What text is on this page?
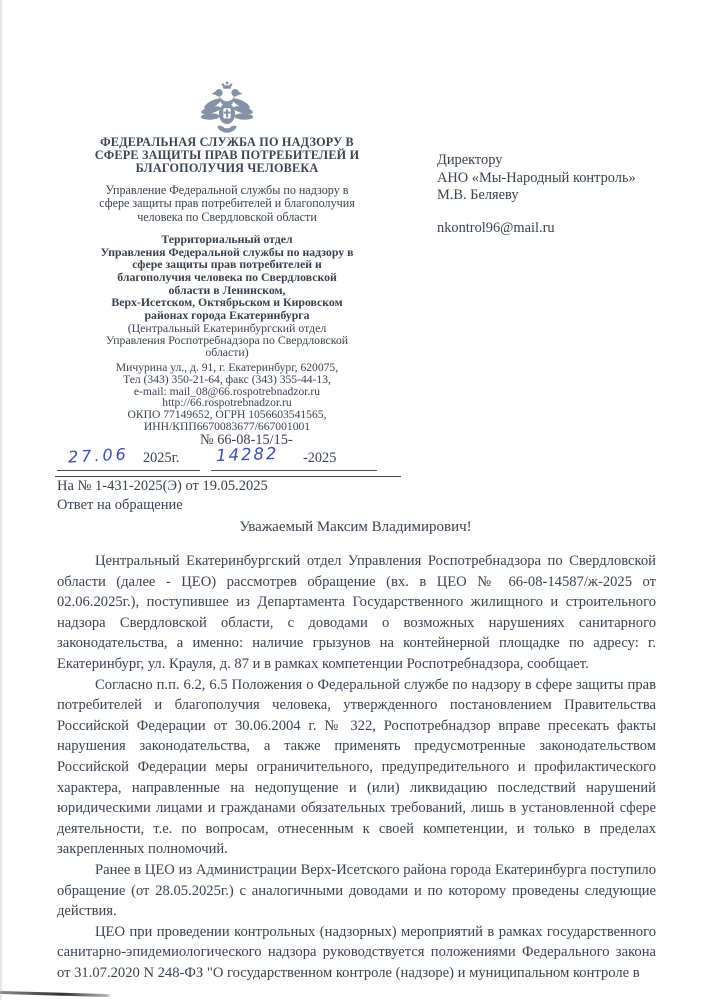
ФЕДЕРАЛЬНАЯ СЛУЖБА ПО НАДЗОРУ В
СФЕРЕ ЗАЩИТЫ ПРАВ ПОТРЕБИТЕЛЕЙ И
БЛАГОПОЛУЧИЯ ЧЕЛОВЕКА
Управление Федеральной службы по надзору в
сфере защиты прав потребителей и благополучия
человека по Свердловской области
Территориальный отдел
Управления Федеральной службы по надзору в
сфере защиты прав потребителей и
благополучия человека по Свердловской
области в Ленинском,
Верх-Исетском, Октябрьском и Кировском
районах города Екатеринбурга
(Центральный Екатеринбургский отдел
Управления Роспотребнадзора по Свердловской
области)
Мичурина ул., д. 91, г. Екатеринбург, 620075,
Тел (343) 350-21-64, факс (343) 355-44-13,
e-mail: mail_08@66.rospotrebnadzor.ru
http://66.rospotrebnadzor.ru
ОКПО 77149652, ОГРН 1056603541565,
ИНН/КПП6670083677/667001001
Директору
АНО «Мы-Народный контроль»
М.В. Беляеву
nkontrol96@mail.ru
№ 66-08-15/15-
27.06 2025г. 14282 -2025
На № 1-431-2025(Э) от 19.05.2025
Ответ на обращение
Уважаемый Максим Владимирович!

Центральный Екатеринбургский отдел Управления Роспотребнадзора по Свердловской области (далее - ЦЕО) рассмотрев обращение (вх. в ЦЕО № 66-08-14587/ж-2025 от 02.06.2025г.), поступившее из Департамента Государственного жилищного и строительного надзора Свердловской области, с доводами о возможных нарушениях санитарного законодательства, а именно: наличие грызунов на контейнерной площадке по адресу: г. Екатеринбург, ул. Крауля, д. 87 и в рамках компетенции Роспотребнадзора, сообщает.

Согласно п.п. 6.2, 6.5 Положения о Федеральной службе по надзору в сфере защиты прав потребителей и благополучия человека, утвержденного постановлением Правительства Российской Федерации от 30.06.2004 г. № 322, Роспотребнадзор вправе пресекать факты нарушения законодательства, а также применять предусмотренные законодательством Российской Федерации меры ограничительного, предупредительного и профилактического характера, направленные на недопущение и (или) ликвидацию последствий нарушений юридическими лицами и гражданами обязательных требований, лишь в установленной сфере деятельности, т.е. по вопросам, отнесенным к своей компетенции, и только в пределах закрепленных полномочий.

Ранее в ЦЕО из Администрации Верх-Исетского района города Екатеринбурга поступило обращение (от 28.05.2025г.) с аналогичными доводами и по которому проведены следующие действия.

ЦЕО при проведении контрольных (надзорных) мероприятий в рамках государственного санитарно-эпидемиологического надзора руководствуется положениями Федерального закона от 31.07.2020 N 248-ФЗ "О государственном контроле (надзоре) и муниципальном контроле в
